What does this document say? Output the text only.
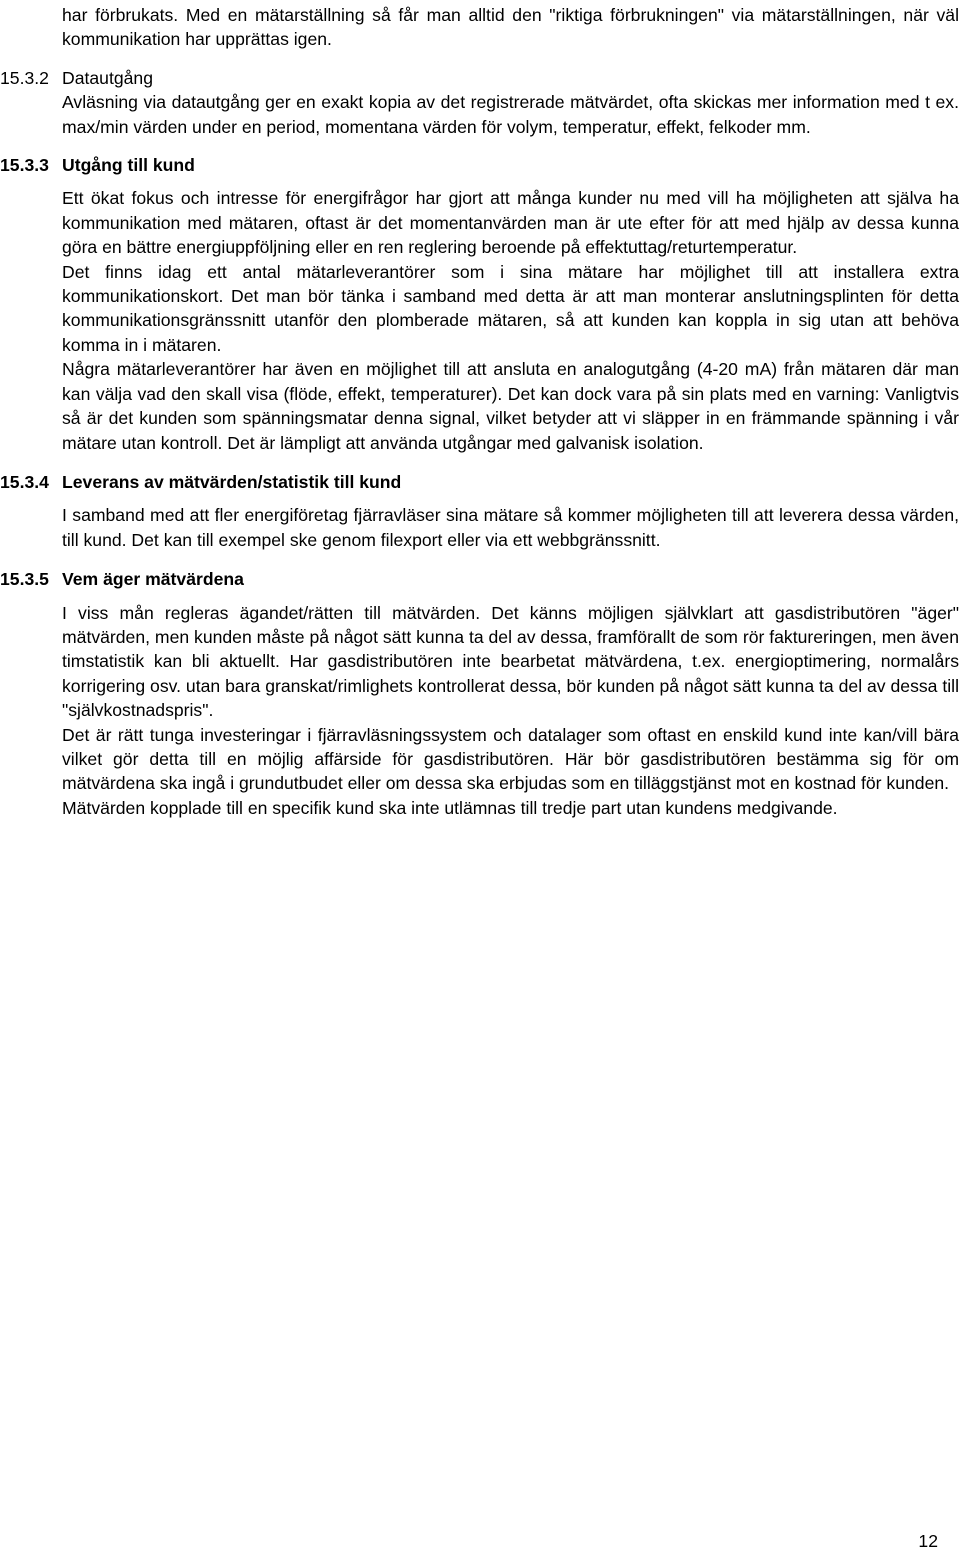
har förbrukats. Med en mätarställning så får man alltid den "riktiga förbrukningen" via mätarställningen, när väl kommunikation har upprättas igen.

15.3.2 Datautgång

Avläsning via datautgång ger en exakt kopia av det registrerade mätvärdet, ofta skickas mer information med t ex. max/min värden under en period, momentana värden för volym, temperatur, effekt, felkoder mm.

15.3.3 Utgång till kund

Ett ökat fokus och intresse för energifrågor har gjort att många kunder nu med vill ha möjligheten att själva ha kommunikation med mätaren, oftast är det momentanvärden man är ute efter för att med hjälp av dessa kunna göra en bättre energiuppföljning eller en ren reglering beroende på effektuttag/returtemperatur.

Det finns idag ett antal mätarleverantörer som i sina mätare har möjlighet till att installera extra kommunikationskort. Det man bör tänka i samband med detta är att man monterar anslutningsplinten för detta kommunikationsgränssnitt utanför den plomberade mätaren, så att kunden kan koppla in sig utan att behöva komma in i mätaren.

Några mätarleverantörer har även en möjlighet till att ansluta en analogutgång (4-20 mA) från mätaren där man kan välja vad den skall visa (flöde, effekt, temperaturer). Det kan dock vara på sin plats med en varning: Vanligtvis så är det kunden som spänningsmatar denna signal, vilket betyder att vi släpper in en främmande spänning i vår mätare utan kontroll. Det är lämpligt att använda utgångar med galvanisk isolation.

15.3.4 Leverans av mätvärden/statistik till kund

I samband med att fler energiföretag fjärravläser sina mätare så kommer möjligheten till att leverera dessa värden, till kund. Det kan till exempel ske genom filexport eller via ett webbgränssnitt.

15.3.5 Vem äger mätvärdena

I viss mån regleras ägandet/rätten till mätvärden. Det känns möjligen självklart att gasdistributören "äger" mätvärden, men kunden måste på något sätt kunna ta del av dessa, framförallt de som rör faktureringen, men även timstatistik kan bli aktuellt. Har gasdistributören inte bearbetat mätvärdena, t.ex. energioptimering, normalårs korrigering osv. utan bara granskat/rimlighets kontrollerat dessa, bör kunden på något sätt kunna ta del av dessa till "självkostnadspris".

Det är rätt tunga investeringar i fjärravläsningssystem och datalager som oftast en enskild kund inte kan/vill bära vilket gör detta till en möjlig affärside för gasdistributören. Här bör gasdistributören bestämma sig för om mätvärdena ska ingå i grundutbudet eller om dessa ska erbjudas som en tilläggstjänst mot en kostnad för kunden.

Mätvärden kopplade till en specifik kund ska inte utlämnas till tredje part utan kundens medgivande.

12
